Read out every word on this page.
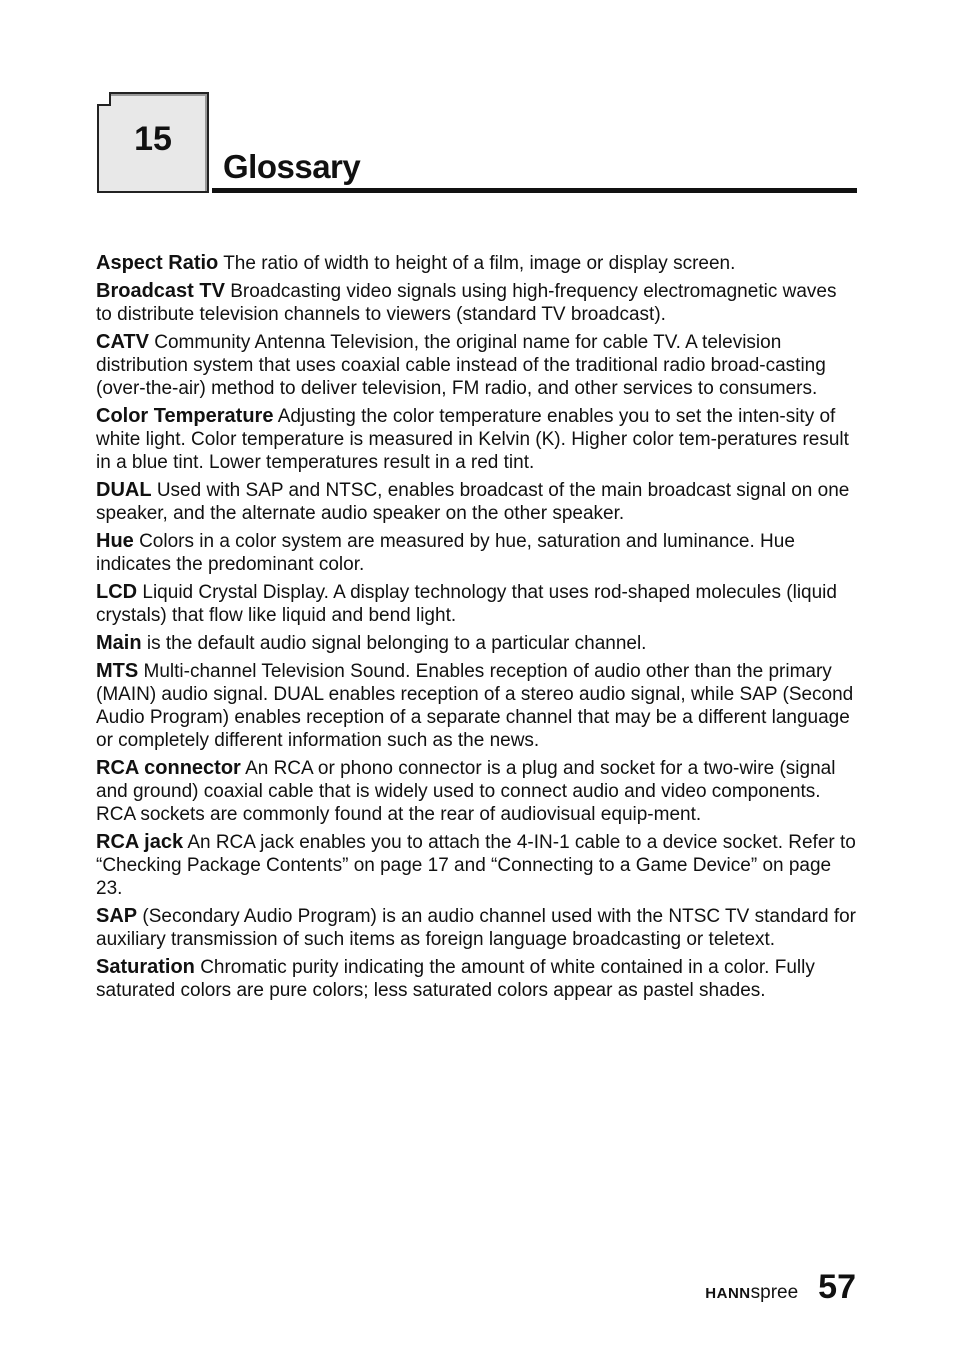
15
Glossary

Aspect Ratio The ratio of width to height of a film, image or display screen.

Broadcast TV Broadcasting video signals using high-frequency electromagnetic waves to distribute television channels to viewers (standard TV broadcast).

CATV Community Antenna Television, the original name for cable TV. A television distribution system that uses coaxial cable instead of the traditional radio broad-casting (over-the-air) method to deliver television, FM radio, and other services to consumers.

Color Temperature Adjusting the color temperature enables you to set the inten-sity of white light. Color temperature is measured in Kelvin (K). Higher color tem-peratures result in a blue tint. Lower temperatures result in a red tint.

DUAL Used with SAP and NTSC, enables broadcast of the main broadcast signal on one speaker, and the alternate audio speaker on the other speaker.

Hue Colors in a color system are measured by hue, saturation and luminance. Hue indicates the predominant color.

LCD Liquid Crystal Display. A display technology that uses rod-shaped molecules (liquid crystals) that flow like liquid and bend light.

Main is the default audio signal belonging to a particular channel.

MTS Multi-channel Television Sound. Enables reception of audio other than the primary (MAIN) audio signal. DUAL enables reception of a stereo audio signal, while SAP (Second Audio Program) enables reception of a separate channel that may be a different language or completely different information such as the news.

RCA connector An RCA or phono connector is a plug and socket for a two-wire (signal and ground) coaxial cable that is widely used to connect audio and video components. RCA sockets are commonly found at the rear of audiovisual equip-ment.

RCA jack An RCA jack enables you to attach the 4-IN-1 cable to a device socket. Refer to “Checking Package Contents” on page 17 and “Connecting to a Game Device” on page 23.

SAP (Secondary Audio Program) is an audio channel used with the NTSC TV standard for auxiliary transmission of such items as foreign language broadcasting or teletext.

Saturation Chromatic purity indicating the amount of white contained in a color. Fully saturated colors are pure colors; less saturated colors appear as pastel shades.

HANNspree 57
